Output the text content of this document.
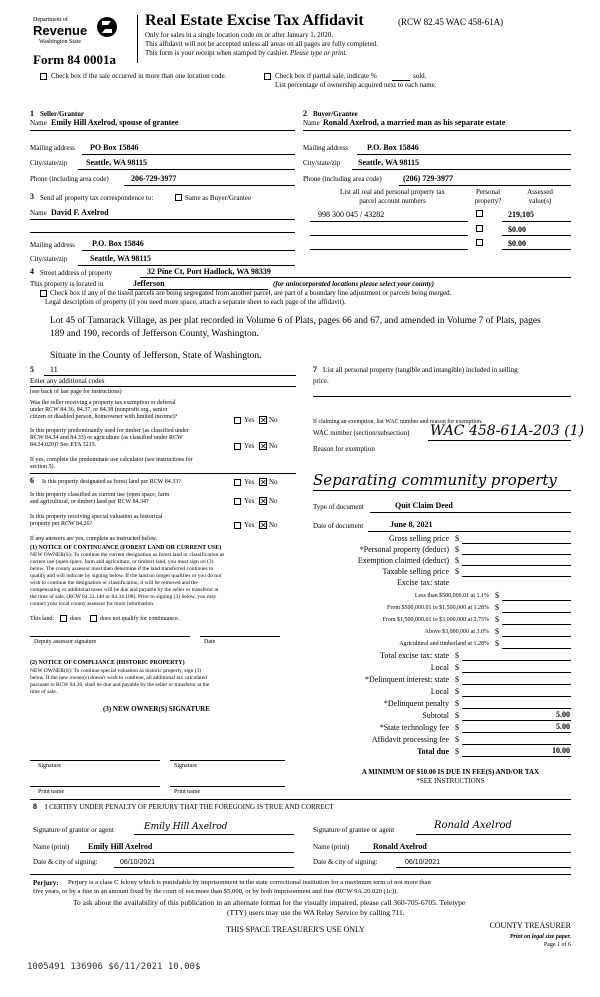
Department of
Revenue
Washington State
Form 84 0001a
Real Estate Excise Tax Affidavit	(RCW 82.45 WAC 458-61A)
Only for sales in a single location code on or after January 1, 2020.
This affidavit will not be accepted unless all areas on all pages are fully completed.
This form is your receipt when stamped by cashier. Please type or print.
Check box if the sale occurred in more than one location code.	Check box if partial sale, indicate %	sold.
List percentage of ownership acquired next to each name.
1 Seller/Grantor
Name Emily Hill Axelrod, spouse of grantee
Mailing address PO Box 15846
City/state/zip Seattle, WA 98115
Phone (including area code)	206-729-3977
2 Buyer/Grantee
Name Ronald Axelrod, a married man as his separate estate
Mailing address P.O. Box 15846
City/state/zip Seattle, WA 98115
Phone (including area code)	(206) 729-3977
3 Send all property tax correspondence to:	Same as Buyer/Grantee
Name David F. Axelrod
Mailing address P.O. Box 15846
City/state/zip	Seattle, WA 98115
List all real and personal property tax
parcel account numbers
Personal
property?
Assessed
value(s)
998 300 045 / 43282	219,105
$0.00
$0.00
4 Street address of property	32 Pine Ct, Port Hadlock, WA 98339
This property is located in	Jefferson	(for unincorporated locations please select your county)
Check box if any of the listed parcels are being segregated from another parcel, are part of a boundary line adjustment or parcels being merged.
Legal description of property (if you need more space, attach a separate sheet to each page of the affidavit).
Lot 45 of Tamarack Village, as per plat recorded in Volume 6 of Plats, pages 66 and 67, and amended in Volume 7 of Plats, pages
189 and 190, records of Jefferson County, Washington.
Situate in the County of Jefferson, State of Washington.
5 11
Enter any additional codes
(see back of last page for instructions)
Was the seller receiving a property tax exemption or deferral
under RCW 84.36, 84.37, or 84.38 (nonprofit org., senior
citizen or disabled person, homeowner with limited income)?	Yes ✕ No
Is this property predominantly used for timber (as classified under
RCW 84.34 and 84.33) or agriculture (as classified under RCW
84.34.020)? See ETA 3215.	Yes ✕ No
If yes, complete the predominate use calculator (see instructions for
section 5).
6 Is this property designated as forest land per RCW 84.33?	Yes ✕ No
Is this property classified as current use (open space, farm
and agricultural, or timber) land per RCW 84.34?	Yes ✕ No
Is this property receiving special valuation as historical
property per RCW 84.26?	Yes ✕ No
If any answers are yes, complete as instructed below.
(1) NOTICE OF CONTINUANCE (FOREST LAND OR CURRENT USE)
NEW OWNER(S): To continue the current designation as forest land or classification as
current use (open space, farm and agriculture, or timber) land, you must sign on (3)
below. The county assessor must then determine if the land transferred continues to
qualify and will indicate by signing below. If the land no longer qualifies or you do not
wish to continue the designation or classification, it will be removed and the
compensating or additional taxes will be due and payable by the seller or transferor at
the time of sale. (RCW 84.33.140 or 84.34.108). Prior to signing (3) below, you may
contact your local county assessor for more information.
This land:	does	does not qualify for continuance.
Deputy assessor signature	Date
(2) NOTICE OF COMPLIANCE (HISTORIC PROPERTY)
NEW OWNER(S): To continue special valuation as historic property, sign (3)
below. If the new owner(s) doesn't wish to continue, all additional tax calculated
pursuant to RCW 84.26, shall be due and payable by the seller or transferor at the
time of sale.
(3) NEW OWNER(S) SIGNATURE
Signature	Signature
Print name	Print name
7 List all personal property (tangible and intangible) included in selling
price.
If claiming an exemption, list WAC number and reason for exemption.
WAC number (section/subsection) WAC 458-61A-203 (1)
Reason for exemption
Separating community property
Type of document	Quit Claim Deed
Date of document	June 8, 2021
Gross selling price $
*Personal property (deduct) $
Exemption claimed (deduct) $
Taxable selling price $
Excise tax: state
Less than $500,000.01 at 1.1% $
From $500,000.01 to $1,500,000 at 1.28% $
From $1,500,000.01 to $3,000,000 at 2.75% $
Above $3,000,000 at 3.0% $
Agricultural and timberland at 1.28% $
Total excise tax: state $
Local $
*Delinquent interest: state $
Local $
*Delinquent penalty $
Subtotal $	5.00
*State technology fee $	5.00
Affidavit processing fee $
Total due $	10.00
A MINIMUM OF $10.00 IS DUE IN FEE(S) AND/OR TAX
*SEE INSTRUCTIONS
8 I CERTIFY UNDER PENALTY OF PERJURY THAT THE FOREGOING IS TRUE AND CORRECT
Signature of grantor or agent	Emily Hill Axelrod
Name (print) Emily Hill Axelrod
Date & city of signing:	06/10/2021
Signature of grantee or agent	Ronald Axelrod
Name (print)	Ronald Axelrod
Date & city of signing:	06/10/2021
Perjury: Perjury is a class C felony which is punishable by imprisonment in the state correctional institution for a maximum term of not more than
five years, or by a fine in an amount fixed by the court of not more than $5,000, or by both imprisonment and fine (RCW 9A.20.020 (1c)).
To ask about the availability of this publication in an alternate format for the visually impaired, please call 360-705-6705. Teletype
(TTY) users may use the WA Relay Service by calling 711.
THIS SPACE TREASURER'S USE ONLY	COUNTY TREASURER
Print on legal size paper.
Page 1 of 6
1005491 136906 $6/11/2021 10.00$
